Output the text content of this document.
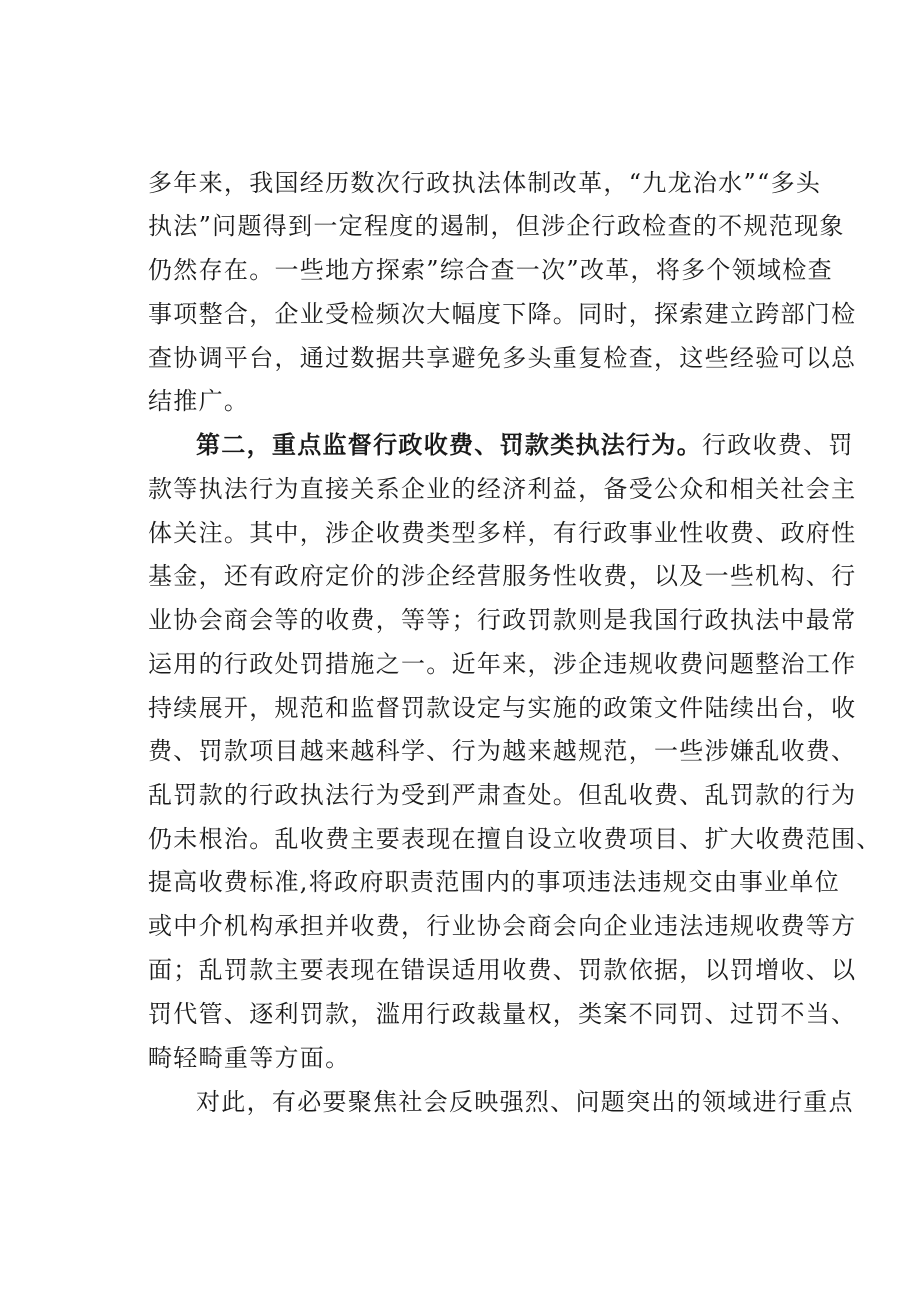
多年来，我国经历数次行政执法体制改革，“九龙治水”“多头
执法”问题得到一定程度的遏制，但涉企行政检查的不规范现象
仍然存在。一些地方探索”综合查一次”改革，将多个领域检查
事项整合，企业受检频次大幅度下降。同时，探索建立跨部门检
查协调平台，通过数据共享避免多头重复检查，这些经验可以总
结推广。
第二，重点监督行政收费、罚款类执法行为。行政收费、罚
款等执法行为直接关系企业的经济利益，备受公众和相关社会主
体关注。其中，涉企收费类型多样，有行政事业性收费、政府性
基金，还有政府定价的涉企经营服务性收费，以及一些机构、行
业协会商会等的收费，等等；行政罚款则是我国行政执法中最常
运用的行政处罚措施之一。近年来，涉企违规收费问题整治工作
持续展开，规范和监督罚款设定与实施的政策文件陆续出台，收
费、罚款项目越来越科学、行为越来越规范，一些涉嫌乱收费、
乱罚款的行政执法行为受到严肃查处。但乱收费、乱罚款的行为
仍未根治。乱收费主要表现在擅自设立收费项目、扩大收费范围、
提高收费标准,将政府职责范围内的事项违法违规交由事业单位
或中介机构承担并收费，行业协会商会向企业违法违规收费等方
面；乱罚款主要表现在错误适用收费、罚款依据，以罚增收、以
罚代管、逐利罚款，滥用行政裁量权，类案不同罚、过罚不当、
畸轻畸重等方面。
对此，有必要聚焦社会反映强烈、问题突出的领域进行重点
